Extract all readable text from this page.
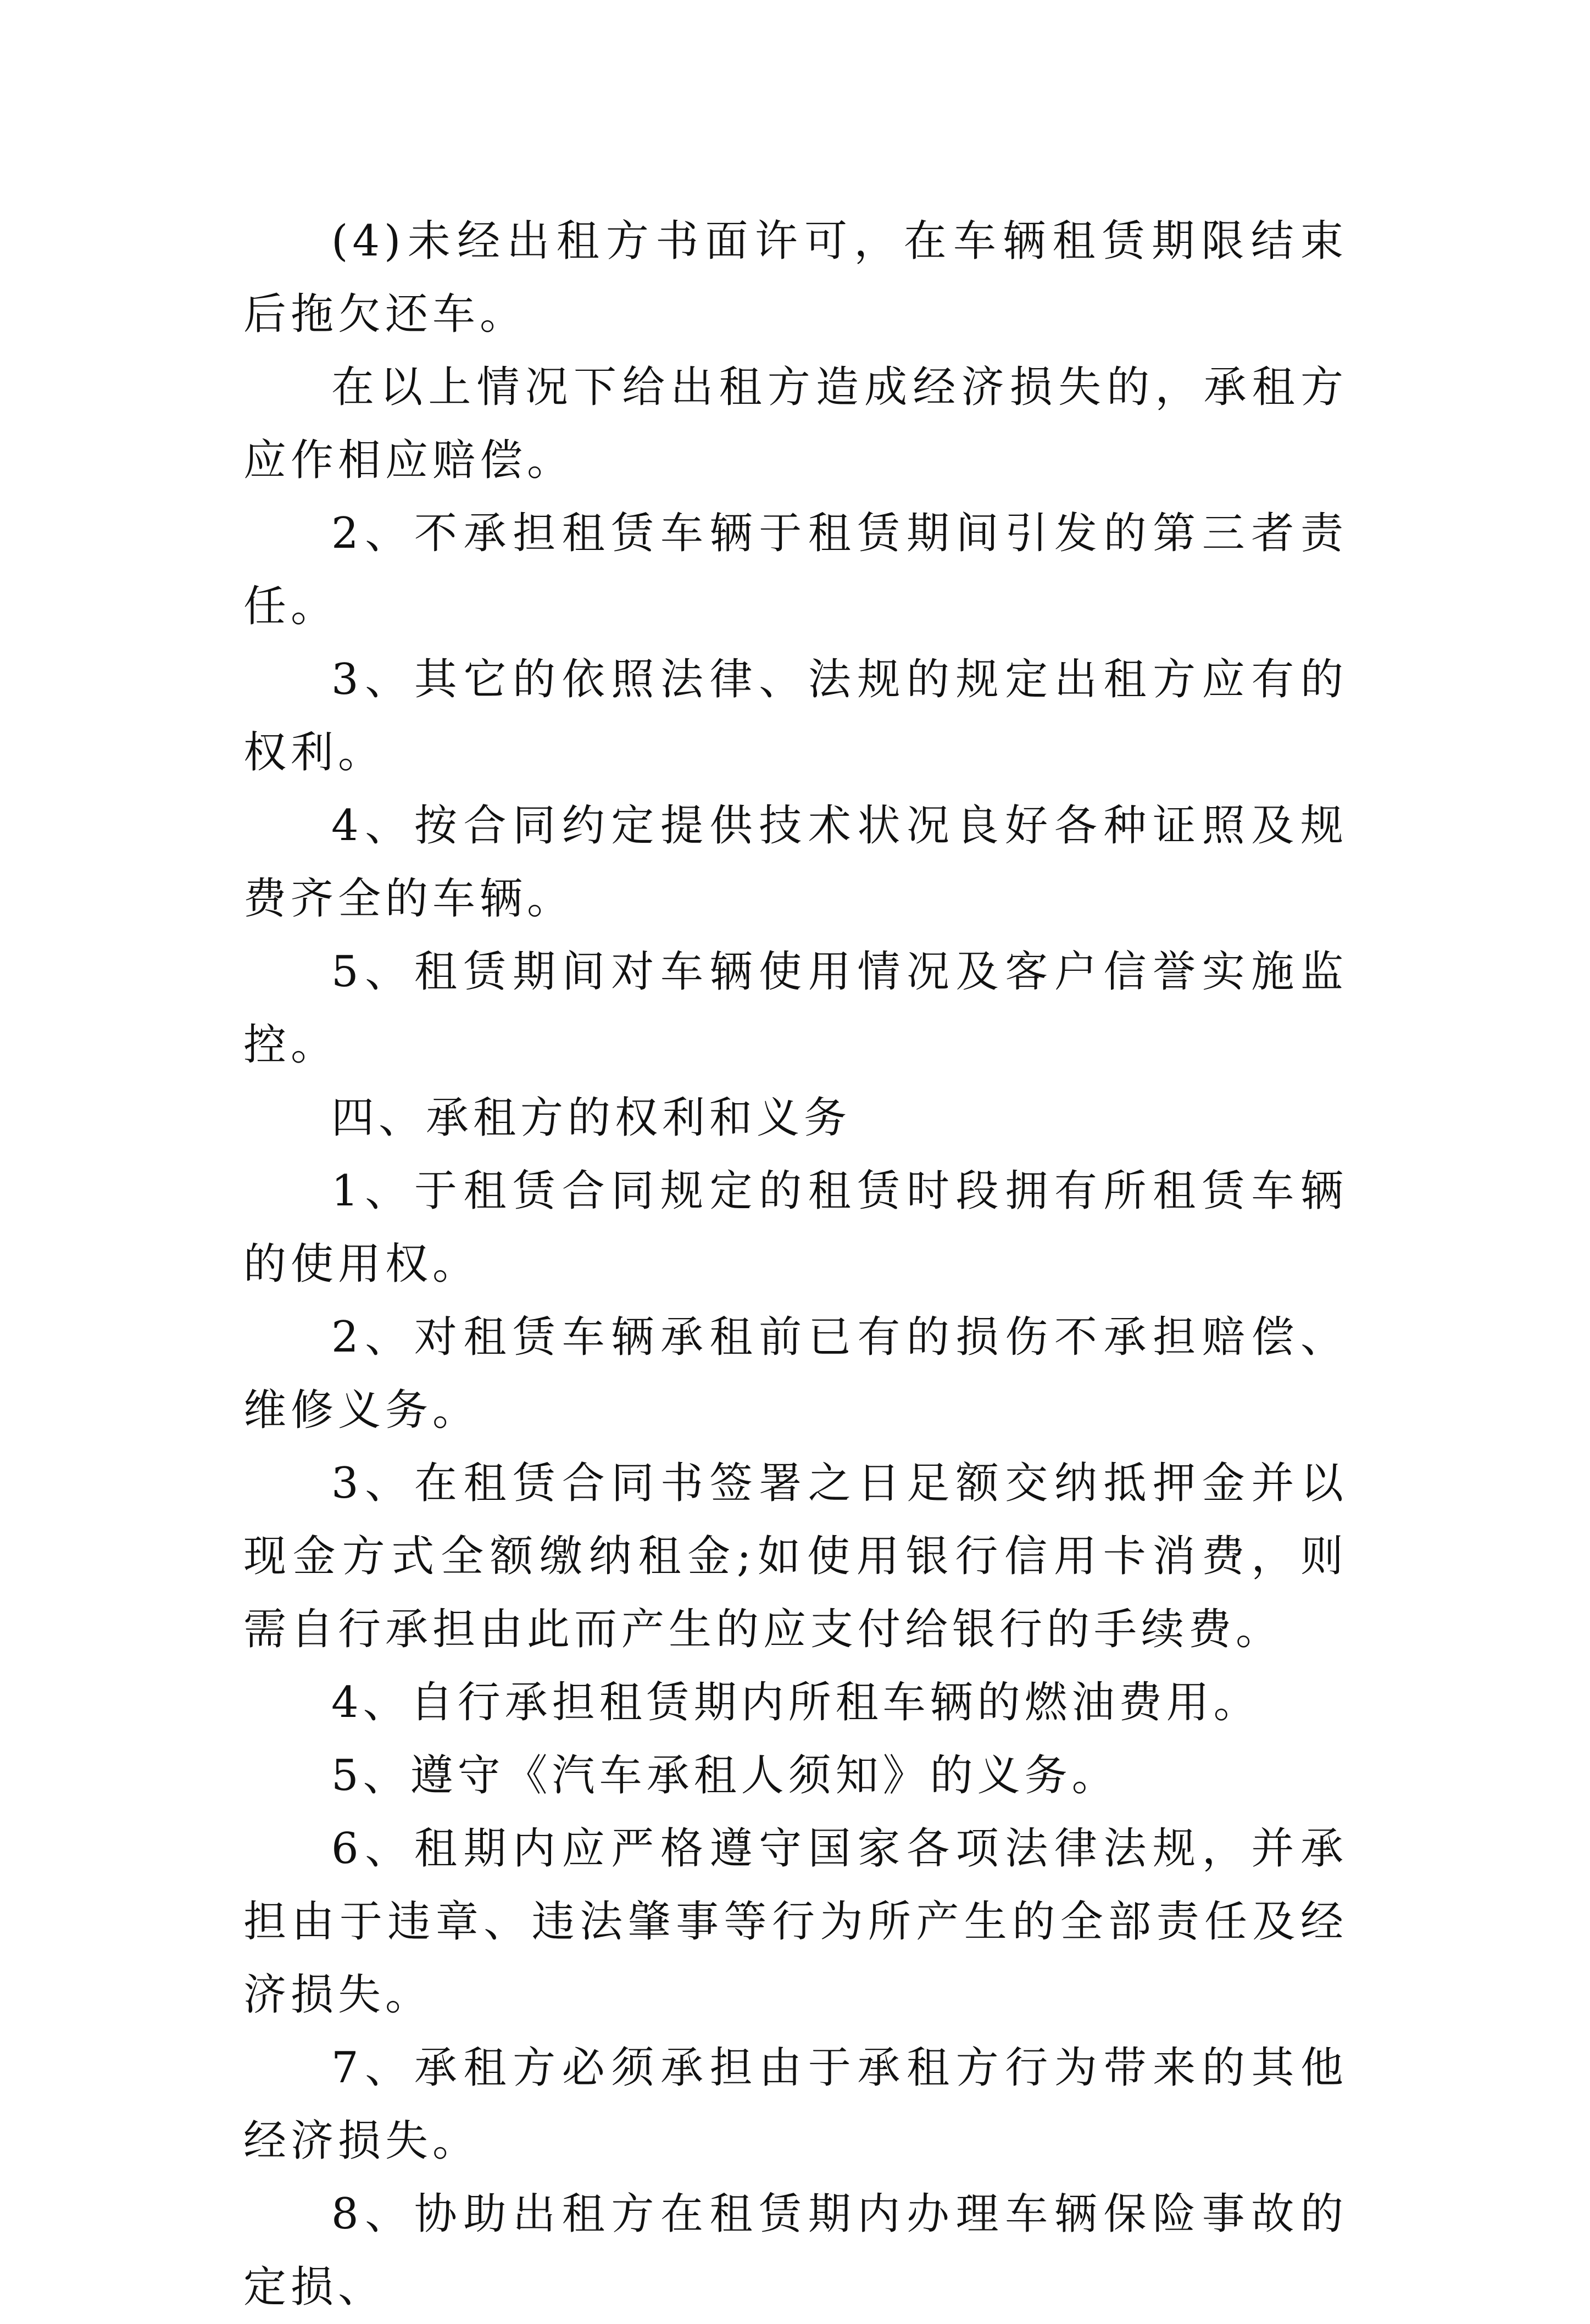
(4)未经出租方书面许可，在车辆租赁期限结束后拖欠还车。

在以上情况下给出租方造成经济损失的，承租方应作相应赔偿。

2、不承担租赁车辆于租赁期间引发的第三者责任。

3、其它的依照法律、法规的规定出租方应有的权利。

4、按合同约定提供技术状况良好各种证照及规费齐全的车辆。

5、租赁期间对车辆使用情况及客户信誉实施监控。

四、承租方的权利和义务

1、于租赁合同规定的租赁时段拥有所租赁车辆的使用权。

2、对租赁车辆承租前已有的损伤不承担赔偿、维修义务。

3、在租赁合同书签署之日足额交纳抵押金并以现金方式全额缴纳租金;如使用银行信用卡消费，则需自行承担由此而产生的应支付给银行的手续费。

4、自行承担租赁期内所租车辆的燃油费用。

5、遵守《汽车承租人须知》的义务。

6、租期内应严格遵守国家各项法律法规，并承担由于违章、违法肇事等行为所产生的全部责任及经济损失。

7、承租方必须承担由于承租方行为带来的其他经济损失。

8、协助出租方在租赁期内办理车辆保险事故的定损、
